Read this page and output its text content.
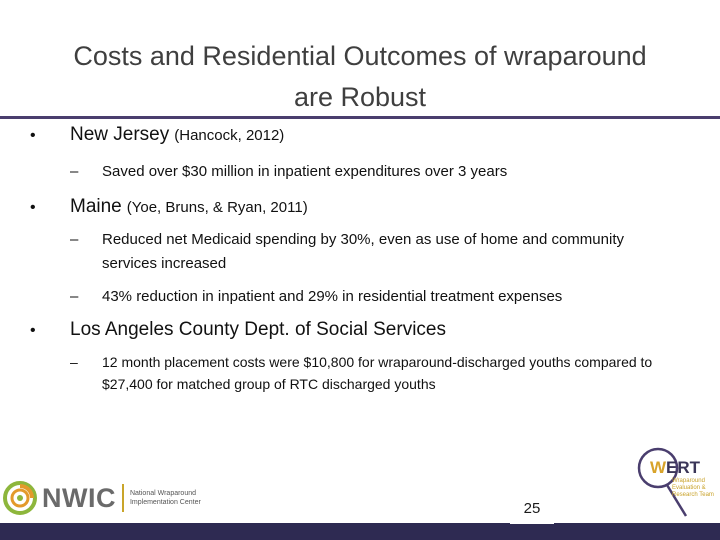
Costs and Residential Outcomes of wraparound
are Robust
•	New Jersey (Hancock, 2012)
–	Saved over $30 million in inpatient expenditures over 3 years
•	Maine (Yoe, Bruns, & Ryan, 2011)
–	Reduced net Medicaid spending by 30%, even as use of home and community services increased
–	43% reduction in inpatient and 29% in residential treatment expenses
•	Los Angeles County Dept. of Social Services
–	12 month placement costs were $10,800 for wraparound-discharged youths compared to $27,400 for matched group of RTC discharged youths
NWIC National Wraparound Implementation Center
WERT
Wraparound Evaluation & Research Team
25
